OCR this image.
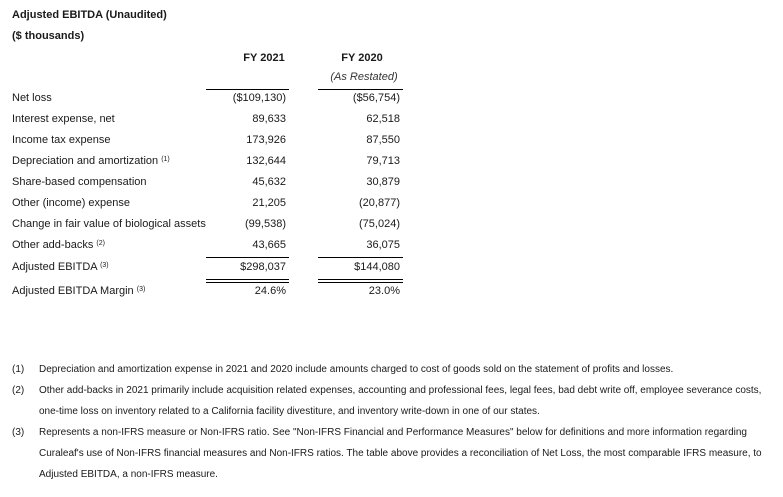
Adjusted EBITDA (Unaudited)
($ thousands)
FY 2021	FY 2020
(As Restated)
Net loss	($109,130)	($56,754)
Interest expense, net	89,633	62,518
Income tax expense	173,926	87,550
Depreciation and amortization $^{(1)}$	132,644	79,713
Share-based compensation	45,632	30,879
Other (income) expense	21,205	(20,877)
Change in fair value of biological assets	(99,538)	(75,024)
Other add-backs $^{(2)}$	43,665	36,075
Adjusted EBITDA $^{(3)}$	$298,037	$144,080
Adjusted EBITDA Margin $^{(3)}$	24.6%	23.0%
(1) Depreciation and amortization expense in 2021 and 2020 include amounts charged to cost of goods sold on the statement of profits and losses.
(2) Other add-backs in 2021 primarily include acquisition related expenses, accounting and professional fees, legal fees, bad debt write off, employee severance costs, one-time loss on inventory related to a California facility divestiture, and inventory write-down in one of our states.
(3) Represents a non-IFRS measure or Non-IFRS ratio. See "Non-IFRS Financial and Performance Measures" below for definitions and more information regarding Curaleaf's use of Non-IFRS financial measures and Non-IFRS ratios. The table above provides a reconciliation of Net Loss, the most comparable IFRS measure, to Adjusted EBITDA, a non-IFRS measure.
